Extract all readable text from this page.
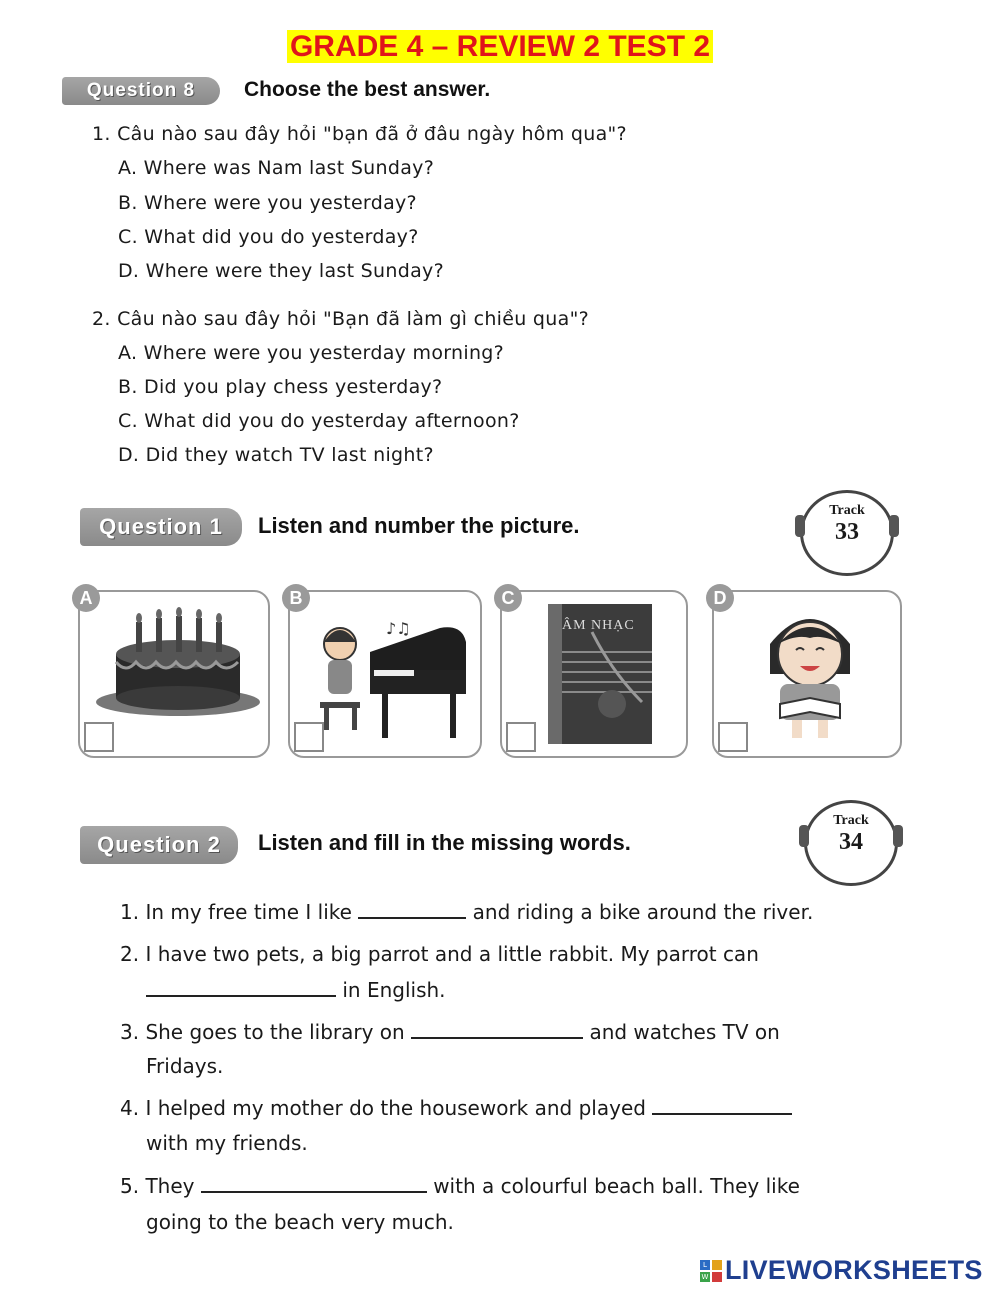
GRADE 4 – REVIEW 2 TEST 2
Question 8	Choose the best answer.
1. Câu nào sau đây hỏi "bạn đã ở đâu ngày hôm qua"?
A. Where was Nam last Sunday?
B. Where were you yesterday?
C. What did you do yesterday?
D. Where were they last Sunday?
2. Câu nào sau đây hỏi "Bạn đã làm gì chiều qua"?
A. Where were you yesterday morning?
B. Did you play chess yesterday?
C. What did you do yesterday afternoon?
D. Did they watch TV last night?
Question 1	Listen and number the picture.
Track
33
A	B
♪♫
C
ÂM NHẠC
D
Question 2	Listen and fill in the missing words.
Track
34
1. In my free time I like	and riding a bike around the river.
2. I have two pets, a big parrot and a little rabbit. My parrot can
in English.
3. She goes to the library on	and watches TV on
Fridays.
4. I helped my mother do the housework and played
with my friends.
5. They	with a colourful beach ball. They like
going to the beach very much.
L
W LIVEWORKSHEETS
